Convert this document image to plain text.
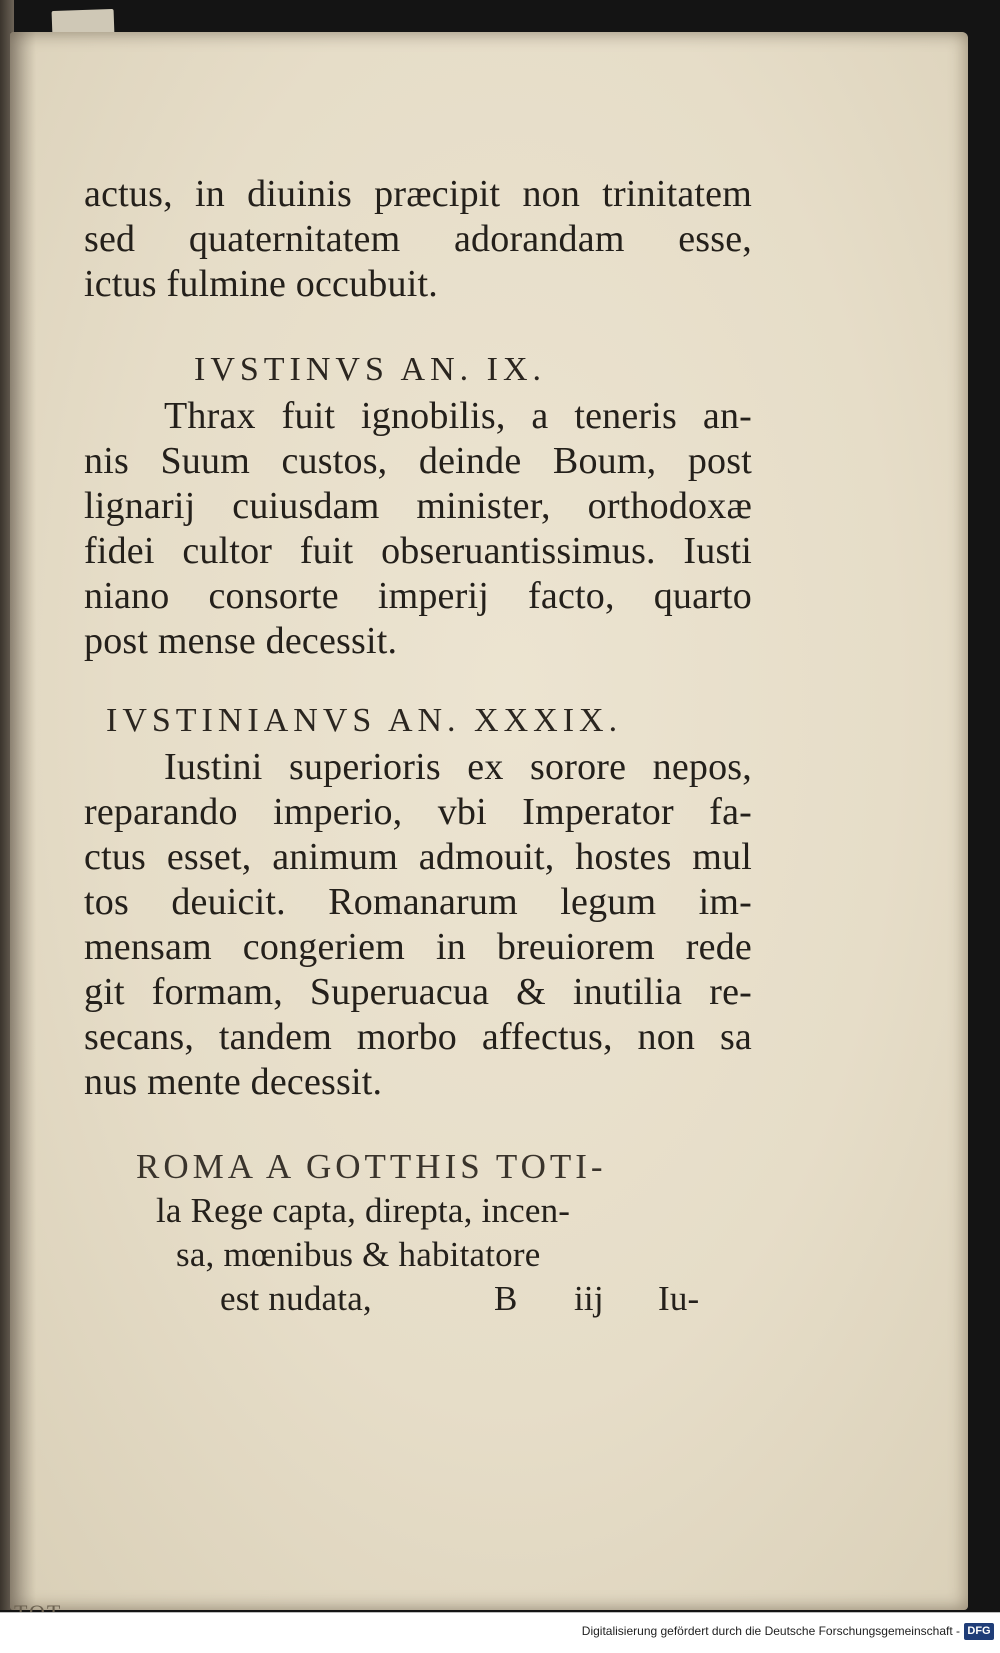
actus, in diuinis præcipit non trinitatem
sed quaternitatem adorandam esse,
ictus fulmine occubuit.
IVSTINVS AN. IX.
Thrax fuit ignobilis, a teneris an-
nis Suum custos, deinde Boum, post
lignarij cuiusdam minister, orthodoxæ
fidei cultor fuit obseruantissimus. Iusti
niano consorte imperij facto, quarto
post mense decessit.
IVSTINIANVS AN. XXXIX.
Iustini superioris ex sorore nepos,
reparando imperio, vbi Imperator fa-
ctus esset, animum admouit, hostes mul
tos deuicit. Romanarum legum im-
mensam congeriem in breuiorem rede
git formam, Superuacua & inutilia re-
secans, tandem morbo affectus, non sa
nus mente decessit.
ROMA A GOTTHIS TOTI-
la Rege capta, direpta, incen-
sa, mœnibus & habitatore
est nudata,	B iij Iu-
Digitalisierung gefördert durch die Deutsche Forschungsgemeinschaft - DFG
